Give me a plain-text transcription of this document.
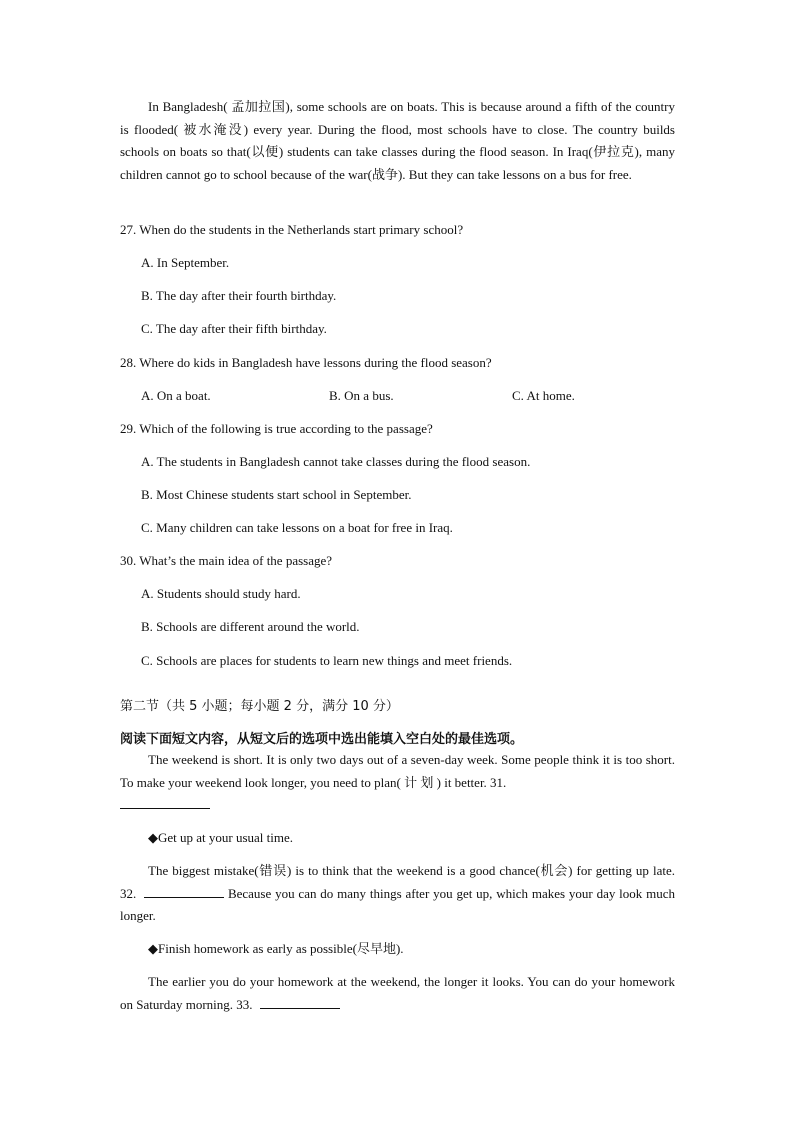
In Bangladesh( 孟加拉国), some schools are on boats. This is because around a fifth of the country is flooded( 被水淹没) every year. During the flood, most schools have to close. The country builds schools on boats so that(以便) students can take classes during the flood season. In Iraq(伊拉克), many children cannot go to school because of the war(战争). But they can take lessons on a bus for free.

27. When do the students in the Netherlands start primary school?

A. In September.

B. The day after their fourth birthday.

C. The day after their fifth birthday.

28. Where do kids in Bangladesh have lessons during the flood season?

A. On a boat.	B. On a bus.	C. At home.

29. Which of the following is true according to the passage?

A. The students in Bangladesh cannot take classes during the flood season.

B. Most Chinese students start school in September.

C. Many children can take lessons on a boat for free in Iraq.

30. What’s the main idea of the passage?

A. Students should study hard.

B. Schools are different around the world.

C. Schools are places for students to learn new things and meet friends.

第二节（共 5 小题；每小题 2 分，满分 10 分）

阅读下面短文内容，从短文后的选项中选出能填入空白处的最佳选项。

The weekend is short. It is only two days out of a seven-day week. Some people think it is too short. To make your weekend look longer, you need to plan( 计 划 ) it better. 31.

◆Get up at your usual time.

The biggest mistake(错误) is to think that the weekend is a good chance(机会) for getting up late. 32.	Because you can do many things after you get up, which makes your day look much longer.

◆Finish homework as early as possible(尽早地).

The earlier you do your homework at the weekend, the longer it looks. You can do your homework on Saturday morning. 33.
